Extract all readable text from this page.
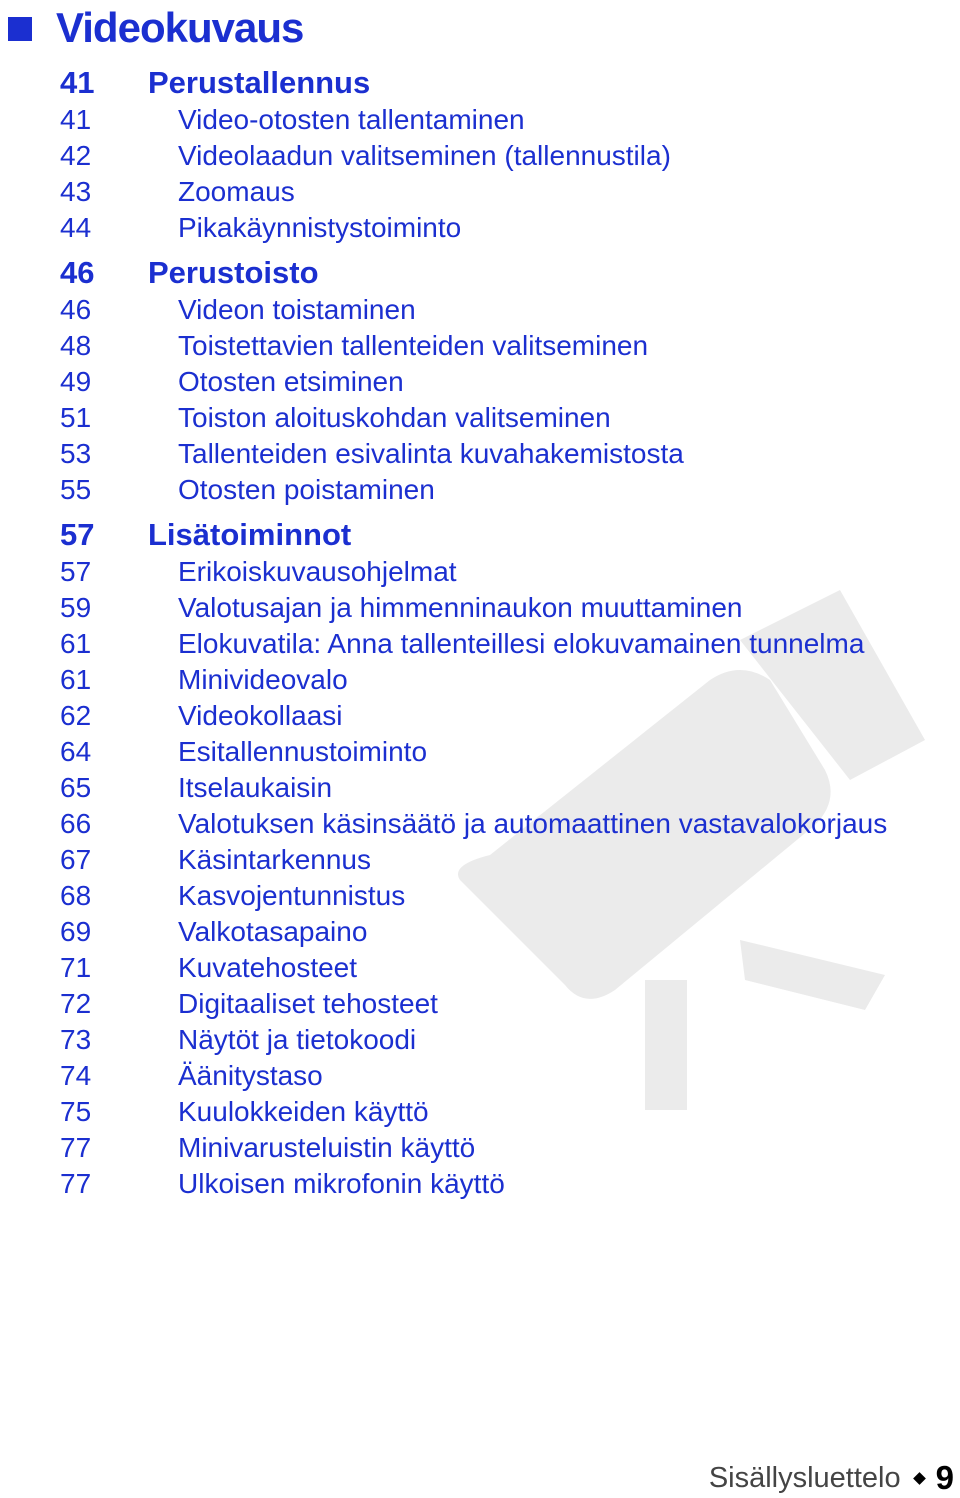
Videokuvaus
41	Perustallennus
41	Video-otosten tallentaminen
42	Videolaadun valitseminen (tallennustila)
43	Zoomaus
44	Pikakäynnistystoiminto
46	Perustoisto
46	Videon toistaminen
48	Toistettavien tallenteiden valitseminen
49	Otosten etsiminen
51	Toiston aloituskohdan valitseminen
53	Tallenteiden esivalinta kuvahakemistosta
55	Otosten poistaminen
57	Lisätoiminnot
57	Erikoiskuvausohjelmat
59	Valotusajan ja himmenninaukon muuttaminen
61	Elokuvatila: Anna tallenteillesi elokuvamainen tunnelma
61	Minivideovalo
62	Videokollaasi
64	Esitallennustoiminto
65	Itselaukaisin
66	Valotuksen käsinsäätö ja automaattinen vastavalokorjaus
67	Käsintarkennus
68	Kasvojentunnistus
69	Valkotasapaino
71	Kuvatehosteet
72	Digitaaliset tehosteet
73	Näytöt ja tietokoodi
74	Äänitystaso
75	Kuulokkeiden käyttö
77	Minivarusteluistin käyttö
77	Ulkoisen mikrofonin käyttö
Sisällysluettelo 9
